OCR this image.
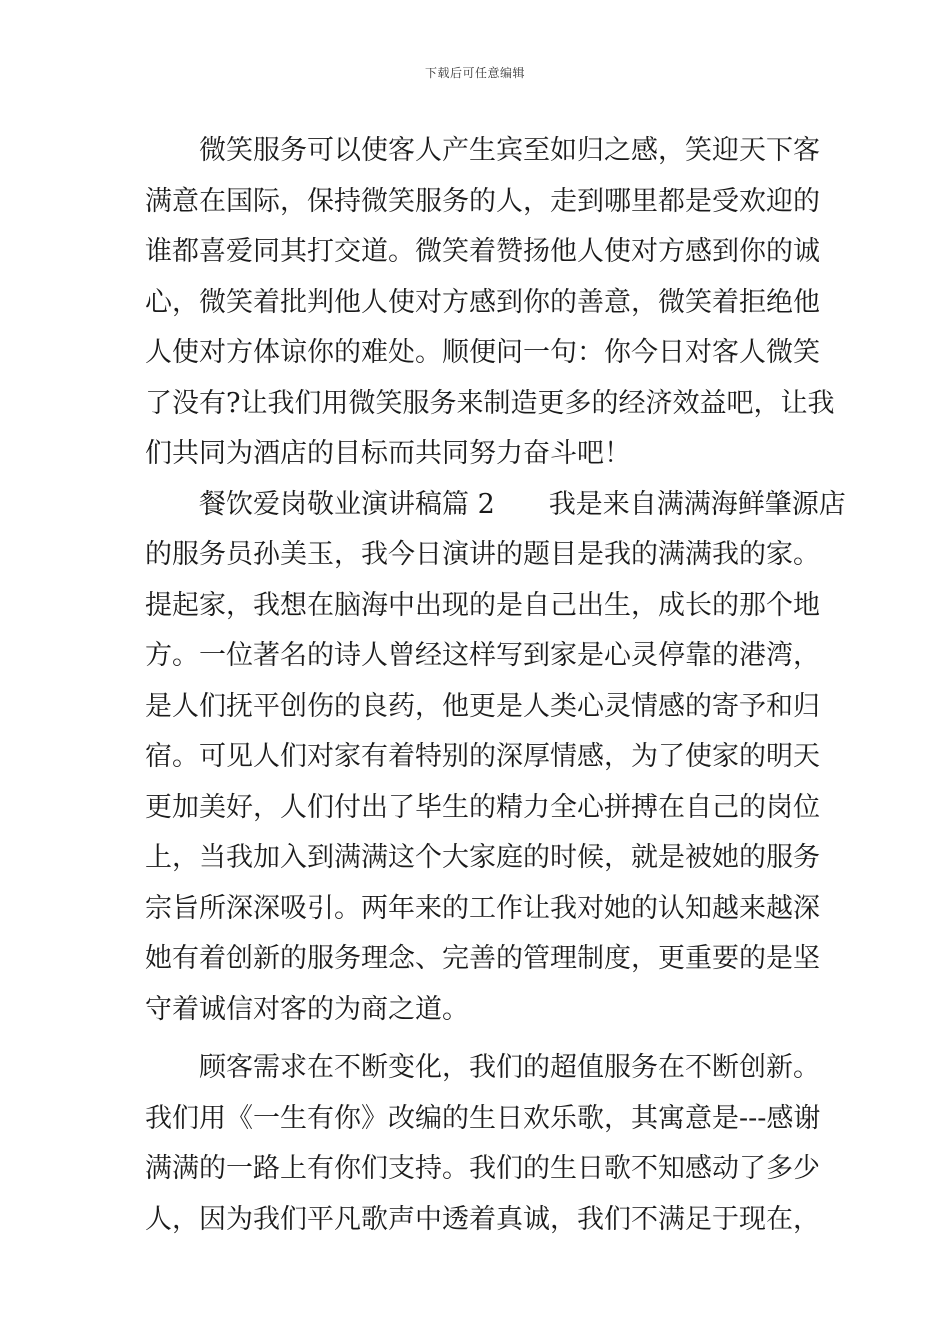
下载后可任意编辑
微笑服务可以使客人产生宾至如归之感，笑迎天下客
满意在国际，保持微笑服务的人，走到哪里都是受欢迎的
谁都喜爱同其打交道。微笑着赞扬他人使对方感到你的诚
心，微笑着批判他人使对方感到你的善意，微笑着拒绝他
人使对方体谅你的难处。顺便问一句：你今日对客人微笑
了没有?让我们用微笑服务来制造更多的经济效益吧，让我
们共同为酒店的目标而共同努力奋斗吧！
餐饮爱岗敬业演讲稿篇 2　　我是来自满满海鲜肇源店
的服务员孙美玉，我今日演讲的题目是我的满满我的家。
提起家，我想在脑海中出现的是自己出生，成长的那个地
方。一位著名的诗人曾经这样写到家是心灵停靠的港湾，
是人们抚平创伤的良药，他更是人类心灵情感的寄予和归
宿。可见人们对家有着特别的深厚情感，为了使家的明天
更加美好，人们付出了毕生的精力全心拼搏在自己的岗位
上，当我加入到满满这个大家庭的时候，就是被她的服务
宗旨所深深吸引。两年来的工作让我对她的认知越来越深
她有着创新的服务理念、完善的管理制度，更重要的是坚
守着诚信对客的为商之道。
顾客需求在不断变化，我们的超值服务在不断创新。
我们用《一生有你》改编的生日欢乐歌，其寓意是---感谢
满满的一路上有你们支持。我们的生日歌不知感动了多少
人，因为我们平凡歌声中透着真诚，我们不满足于现在，
